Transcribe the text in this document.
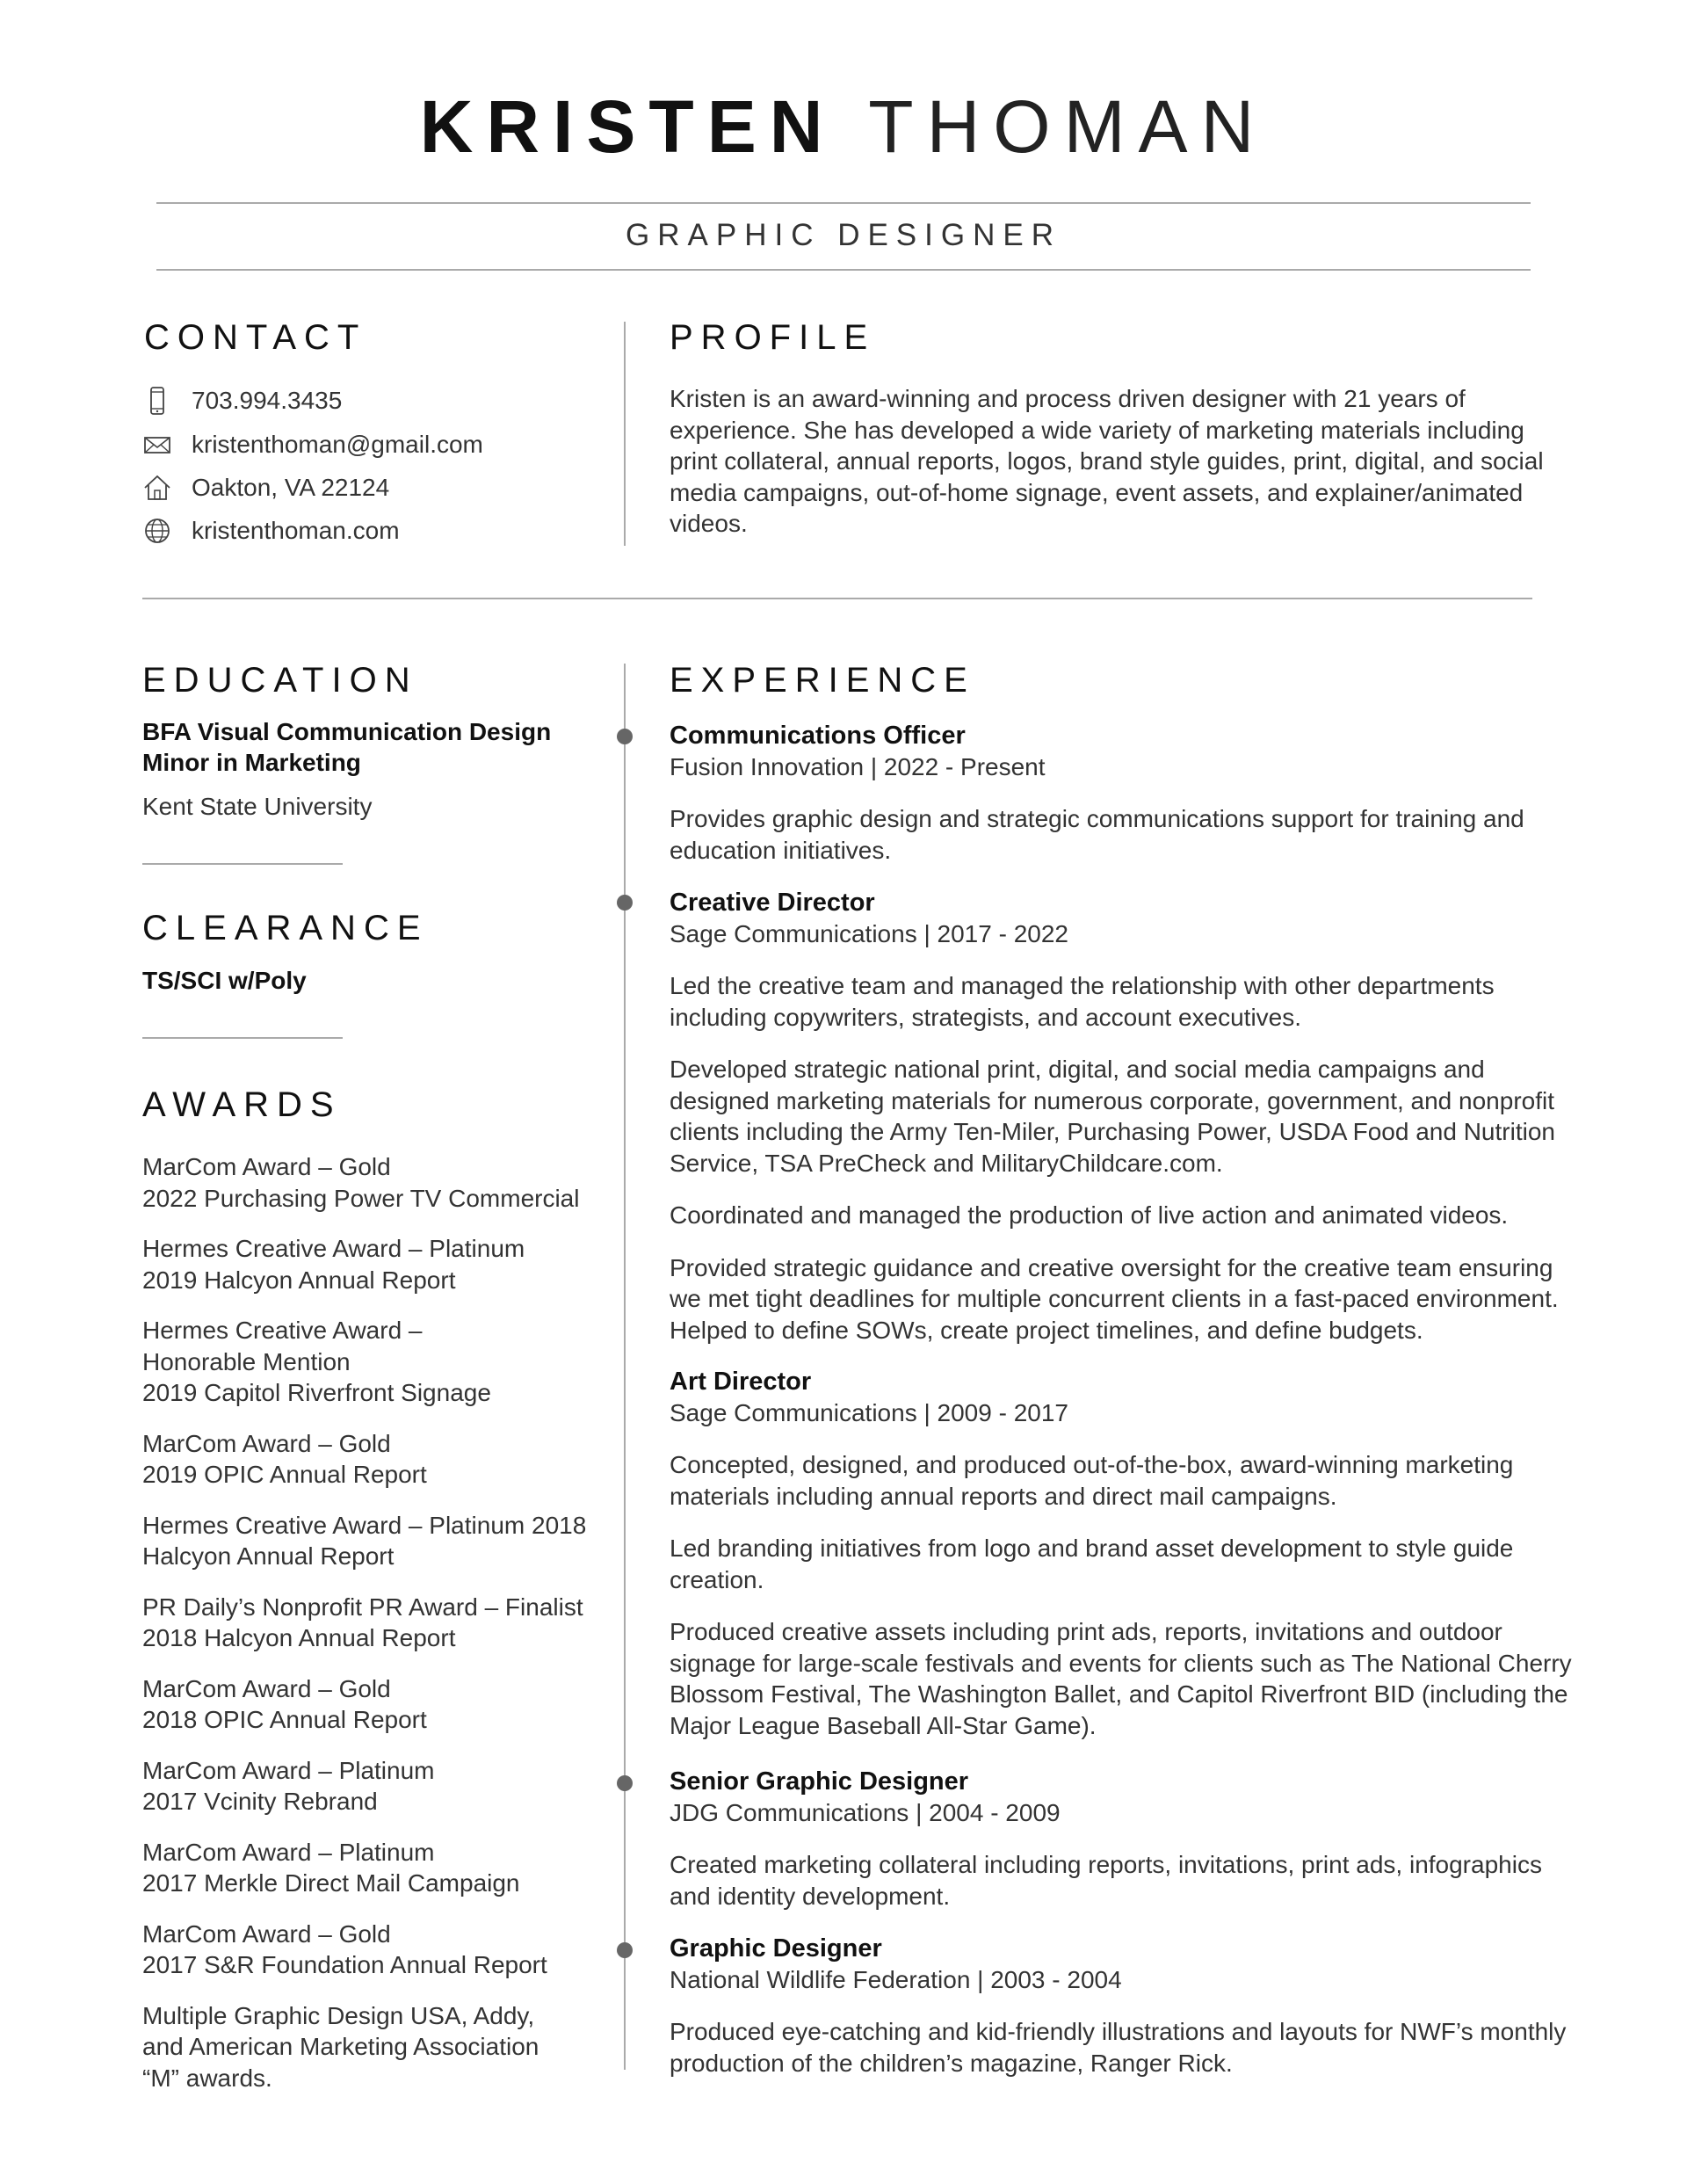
KRISTEN THOMAN
GRAPHIC DESIGNER
CONTACT
703.994.3435
kristenthoman@gmail.com
Oakton, VA 22124
kristenthoman.com
PROFILE
Kristen is an award-winning and process driven designer with 21 years of experience. She has developed a wide variety of marketing materials including print collateral, annual reports, logos, brand style guides, print, digital, and social media campaigns, out-of-home signage, event assets, and explainer/animated videos.
EDUCATION
BFA Visual Communication Design
Minor in Marketing
Kent State University
CLEARANCE
TS/SCI w/Poly
AWARDS
MarCom Award – Gold
2022 Purchasing Power TV Commercial
Hermes Creative Award – Platinum
2019 Halcyon Annual Report
Hermes Creative Award –
Honorable Mention
2019 Capitol Riverfront Signage
MarCom Award – Gold
2019 OPIC Annual Report
Hermes Creative Award – Platinum 2018
Halcyon Annual Report
PR Daily’s Nonprofit PR Award – Finalist
2018 Halcyon Annual Report
MarCom Award – Gold
2018 OPIC Annual Report
MarCom Award – Platinum
2017 Vcinity Rebrand
MarCom Award – Platinum
2017 Merkle Direct Mail Campaign
MarCom Award – Gold
2017 S&R Foundation Annual Report
Multiple Graphic Design USA, Addy,
and American Marketing Association
“M” awards.
EXPERIENCE
Communications Officer
Fusion Innovation | 2022 - Present
Provides graphic design and strategic communications support for training and education initiatives.
Creative Director
Sage Communications | 2017 - 2022
Led the creative team and managed the relationship with other departments including copywriters, strategists, and account executives.
Developed strategic national print, digital, and social media campaigns and designed marketing materials for numerous corporate, government, and nonprofit clients including the Army Ten-Miler, Purchasing Power, USDA Food and Nutrition Service, TSA PreCheck and MilitaryChildcare.com.
Coordinated and managed the production of live action and animated videos.
Provided strategic guidance and creative oversight for the creative team ensuring we met tight deadlines for multiple concurrent clients in a fast-paced environment. Helped to define SOWs, create project timelines, and define budgets.
Art Director
Sage Communications | 2009 - 2017
Concepted, designed, and produced out-of-the-box, award-winning marketing materials including annual reports and direct mail campaigns.
Led branding initiatives from logo and brand asset development to style guide creation.
Produced creative assets including print ads, reports, invitations and outdoor signage for large-scale festivals and events for clients such as The National Cherry Blossom Festival, The Washington Ballet, and Capitol Riverfront BID (including the Major League Baseball All-Star Game).
Senior Graphic Designer
JDG Communications | 2004 - 2009
Created marketing collateral including reports, invitations, print ads, infographics and identity development.
Graphic Designer
National Wildlife Federation | 2003 - 2004
Produced eye-catching and kid-friendly illustrations and layouts for NWF’s monthly production of the children’s magazine, Ranger Rick.
